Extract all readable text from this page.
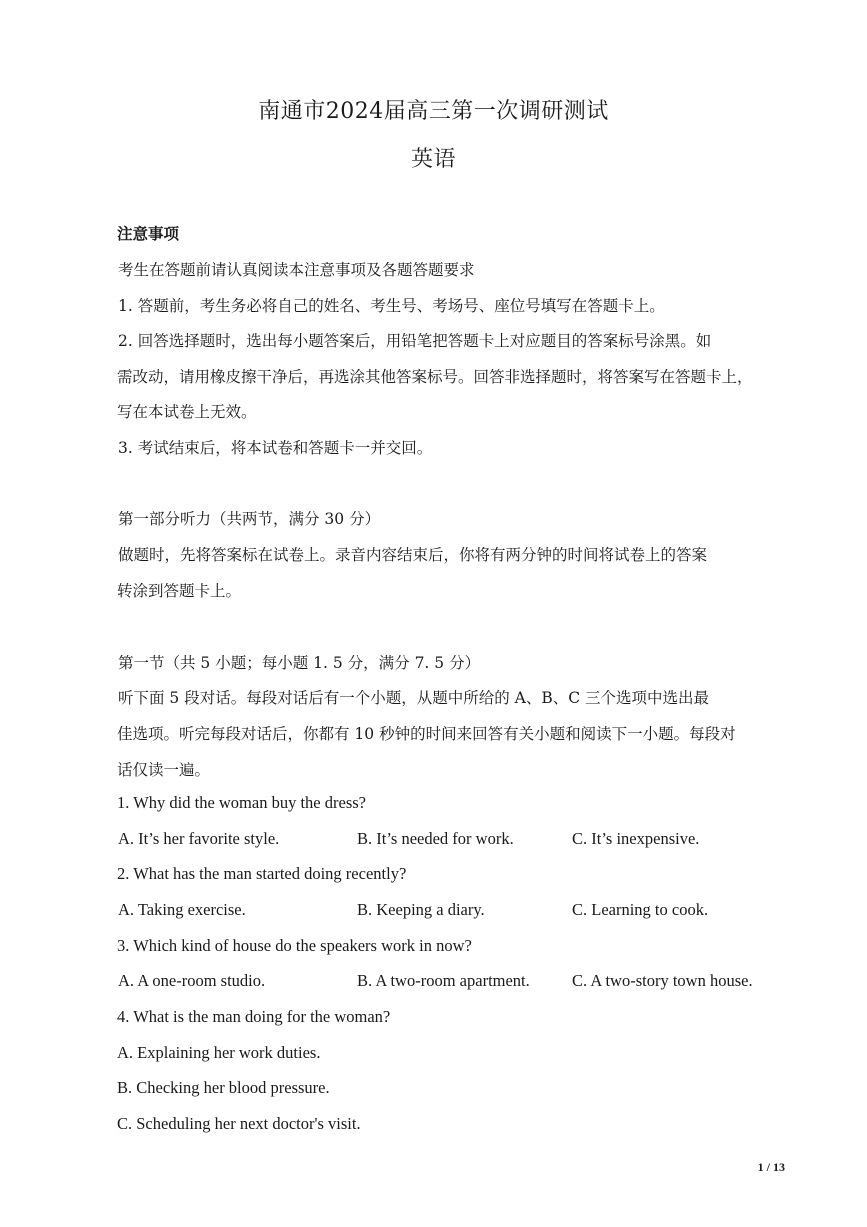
南通市2024届高三第一次调研测试
英语
注意事项
考生在答题前请认真阅读本注意事项及各题答题要求
1. 答题前，考生务必将自己的姓名、考生号、考场号、座位号填写在答题卡上。
2. 回答选择题时，选出每小题答案后，用铅笔把答题卡上对应题目的答案标号涂黑。如
需改动，请用橡皮擦干净后，再选涂其他答案标号。回答非选择题时，将答案写在答题卡上，
写在本试卷上无效。
3. 考试结束后，将本试卷和答题卡一并交回。
第一部分听力（共两节，满分 30 分）
做题时，先将答案标在试卷上。录音内容结束后，你将有两分钟的时间将试卷上的答案
转涂到答题卡上。
第一节（共 5 小题；每小题 1. 5 分，满分 7. 5 分）
听下面 5 段对话。每段对话后有一个小题，从题中所给的 A、B、C 三个选项中选出最
佳选项。听完每段对话后，你都有 10 秒钟的时间来回答有关小题和阅读下一小题。每段对
话仅读一遍。
1. Why did the woman buy the dress?
A. It’s her favorite style.	B. It’s needed for work.	C. It’s inexpensive.
2. What has the man started doing recently?
A. Taking exercise.	B. Keeping a diary.	C. Learning to cook.
3. Which kind of house do the speakers work in now?
A. A one-room studio.	B. A two-room apartment.	C. A two-story town house.
4. What is the man doing for the woman?
A. Explaining her work duties.
B. Checking her blood pressure.
C. Scheduling her next doctor's visit.
1 / 13
